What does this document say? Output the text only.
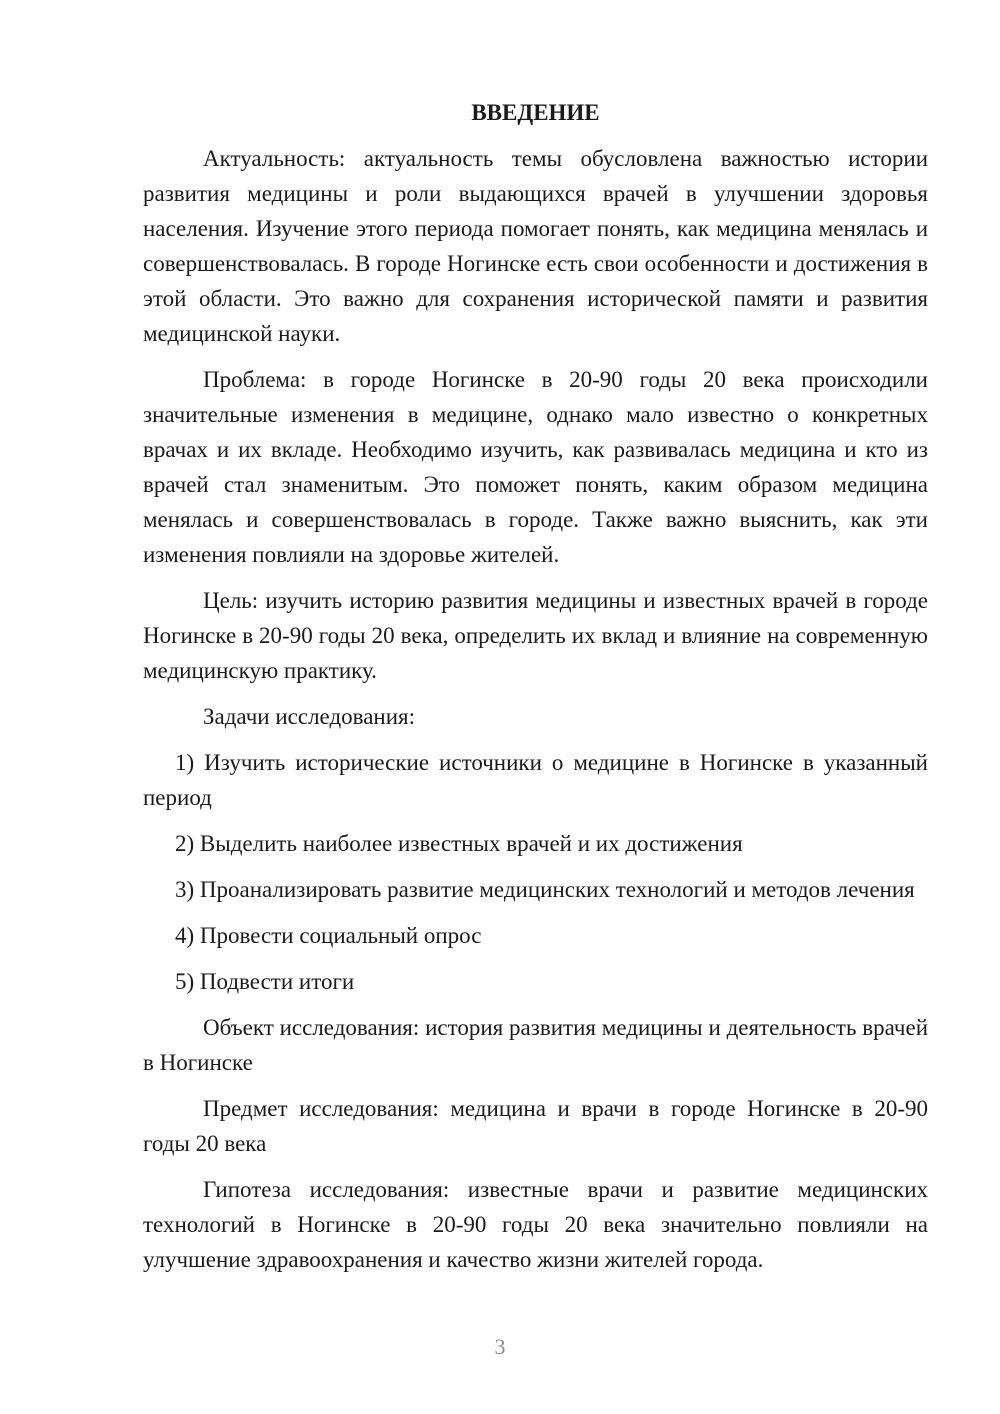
ВВЕДЕНИЕ

Актуальность: актуальность темы обусловлена важностью истории развития медицины и роли выдающихся врачей в улучшении здоровья населения. Изучение этого периода помогает понять, как медицина менялась и совершенствовалась. В городе Ногинске есть свои особенности и достижения в этой области. Это важно для сохранения исторической памяти и развития медицинской науки.

Проблема: в городе Ногинске в 20-90 годы 20 века происходили значительные изменения в медицине, однако мало известно о конкретных врачах и их вкладе. Необходимо изучить, как развивалась медицина и кто из врачей стал знаменитым. Это поможет понять, каким образом медицина менялась и совершенствовалась в городе. Также важно выяснить, как эти изменения повлияли на здоровье жителей.

Цель: изучить историю развития медицины и известных врачей в городе Ногинске в 20-90 годы 20 века, определить их вклад и влияние на современную медицинскую практику.

Задачи исследования:

1) Изучить исторические источники о медицине в Ногинске в указанный период

2) Выделить наиболее известных врачей и их достижения

3) Проанализировать развитие медицинских технологий и методов лечения

4) Провести социальный опрос

5) Подвести итоги

Объект исследования: история развития медицины и деятельность врачей в Ногинске

Предмет исследования: медицина и врачи в городе Ногинске в 20-90 годы 20 века

Гипотеза исследования: известные врачи и развитие медицинских технологий в Ногинске в 20-90 годы 20 века значительно повлияли на улучшение здравоохранения и качество жизни жителей города.

3
